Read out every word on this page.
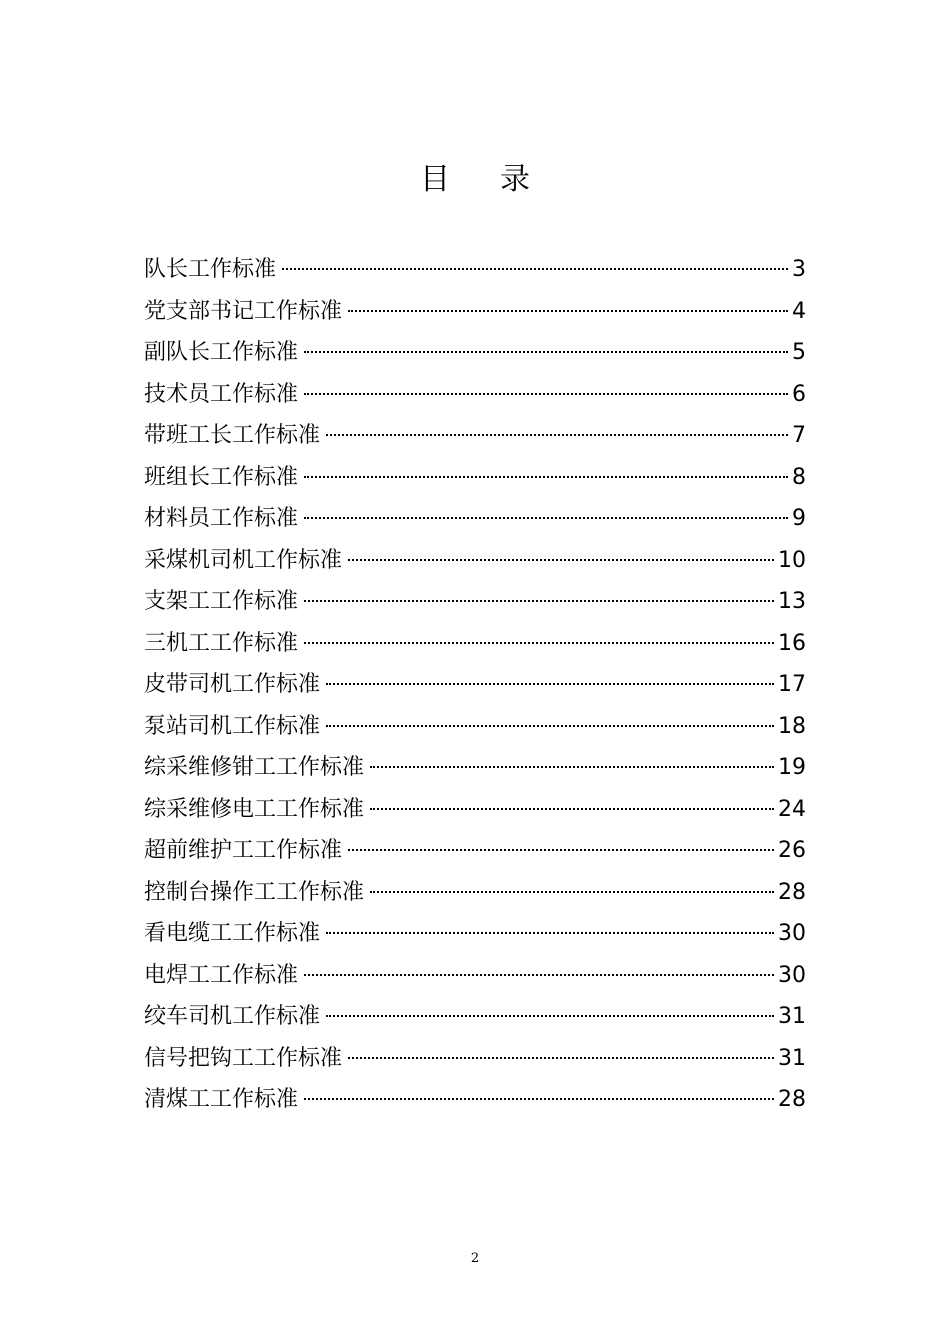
目录
队长工作标准	3
党支部书记工作标准	4
副队长工作标准	5
技术员工作标准	6
带班工长工作标准	7
班组长工作标准	8
材料员工作标准	9
采煤机司机工作标准	10
支架工工作标准	13
三机工工作标准	16
皮带司机工作标准	17
泵站司机工作标准	18
综采维修钳工工作标准	19
综采维修电工工作标准	24
超前维护工工作标准	26
控制台操作工工作标准	28
看电缆工工作标准	30
电焊工工作标准	30
绞车司机工作标准	31
信号把钩工工作标准	31
清煤工工作标准	28
2
